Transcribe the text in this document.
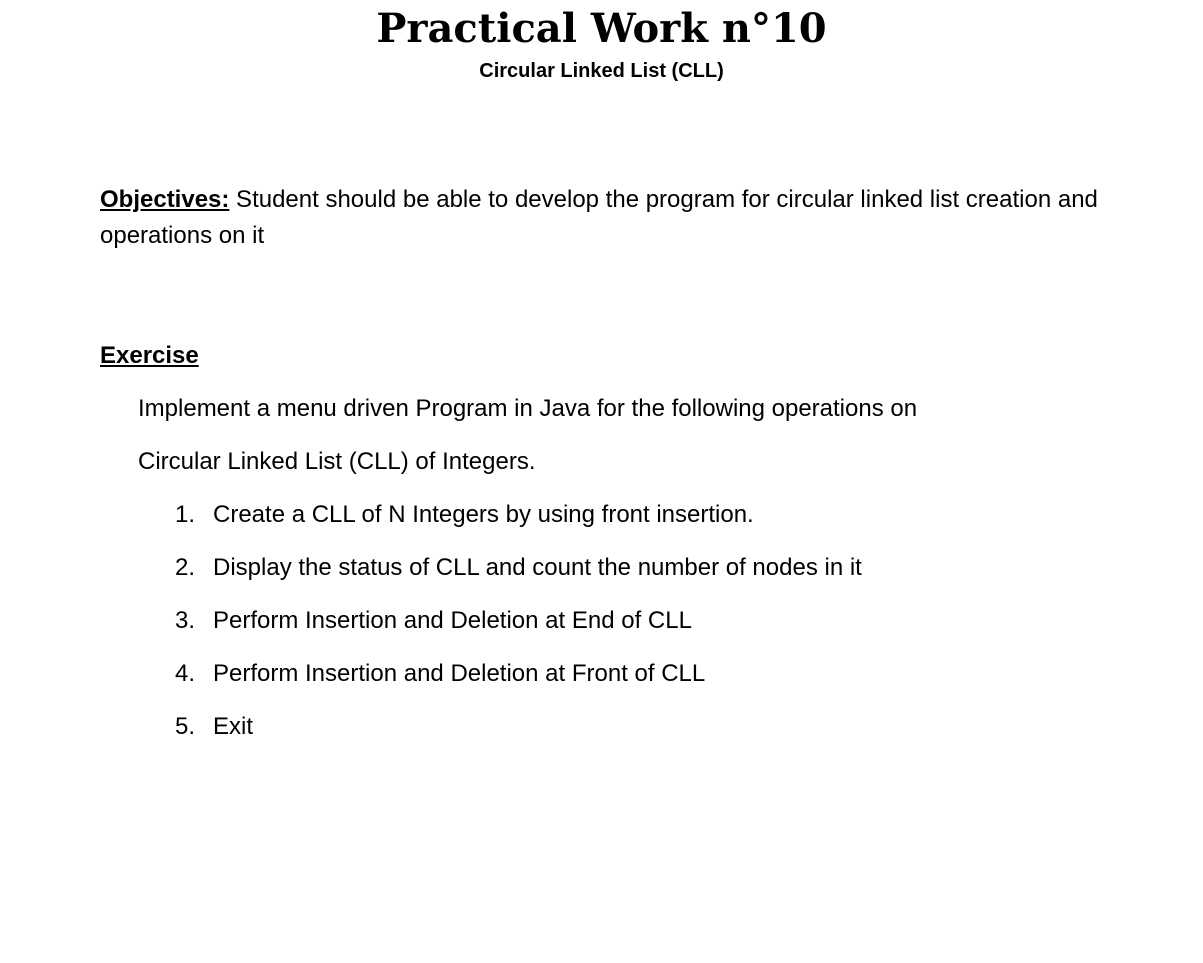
Practical Work n°10
Circular Linked List (CLL)

Objectives: Student should be able to develop the program for circular linked list creation and operations on it

Exercise

Implement a menu driven Program in Java for the following operations on

Circular Linked List (CLL) of Integers.

1. Create a CLL of N Integers by using front insertion.
2. Display the status of CLL and count the number of nodes in it
3. Perform Insertion and Deletion at End of CLL
4. Perform Insertion and Deletion at Front of CLL
5. Exit
